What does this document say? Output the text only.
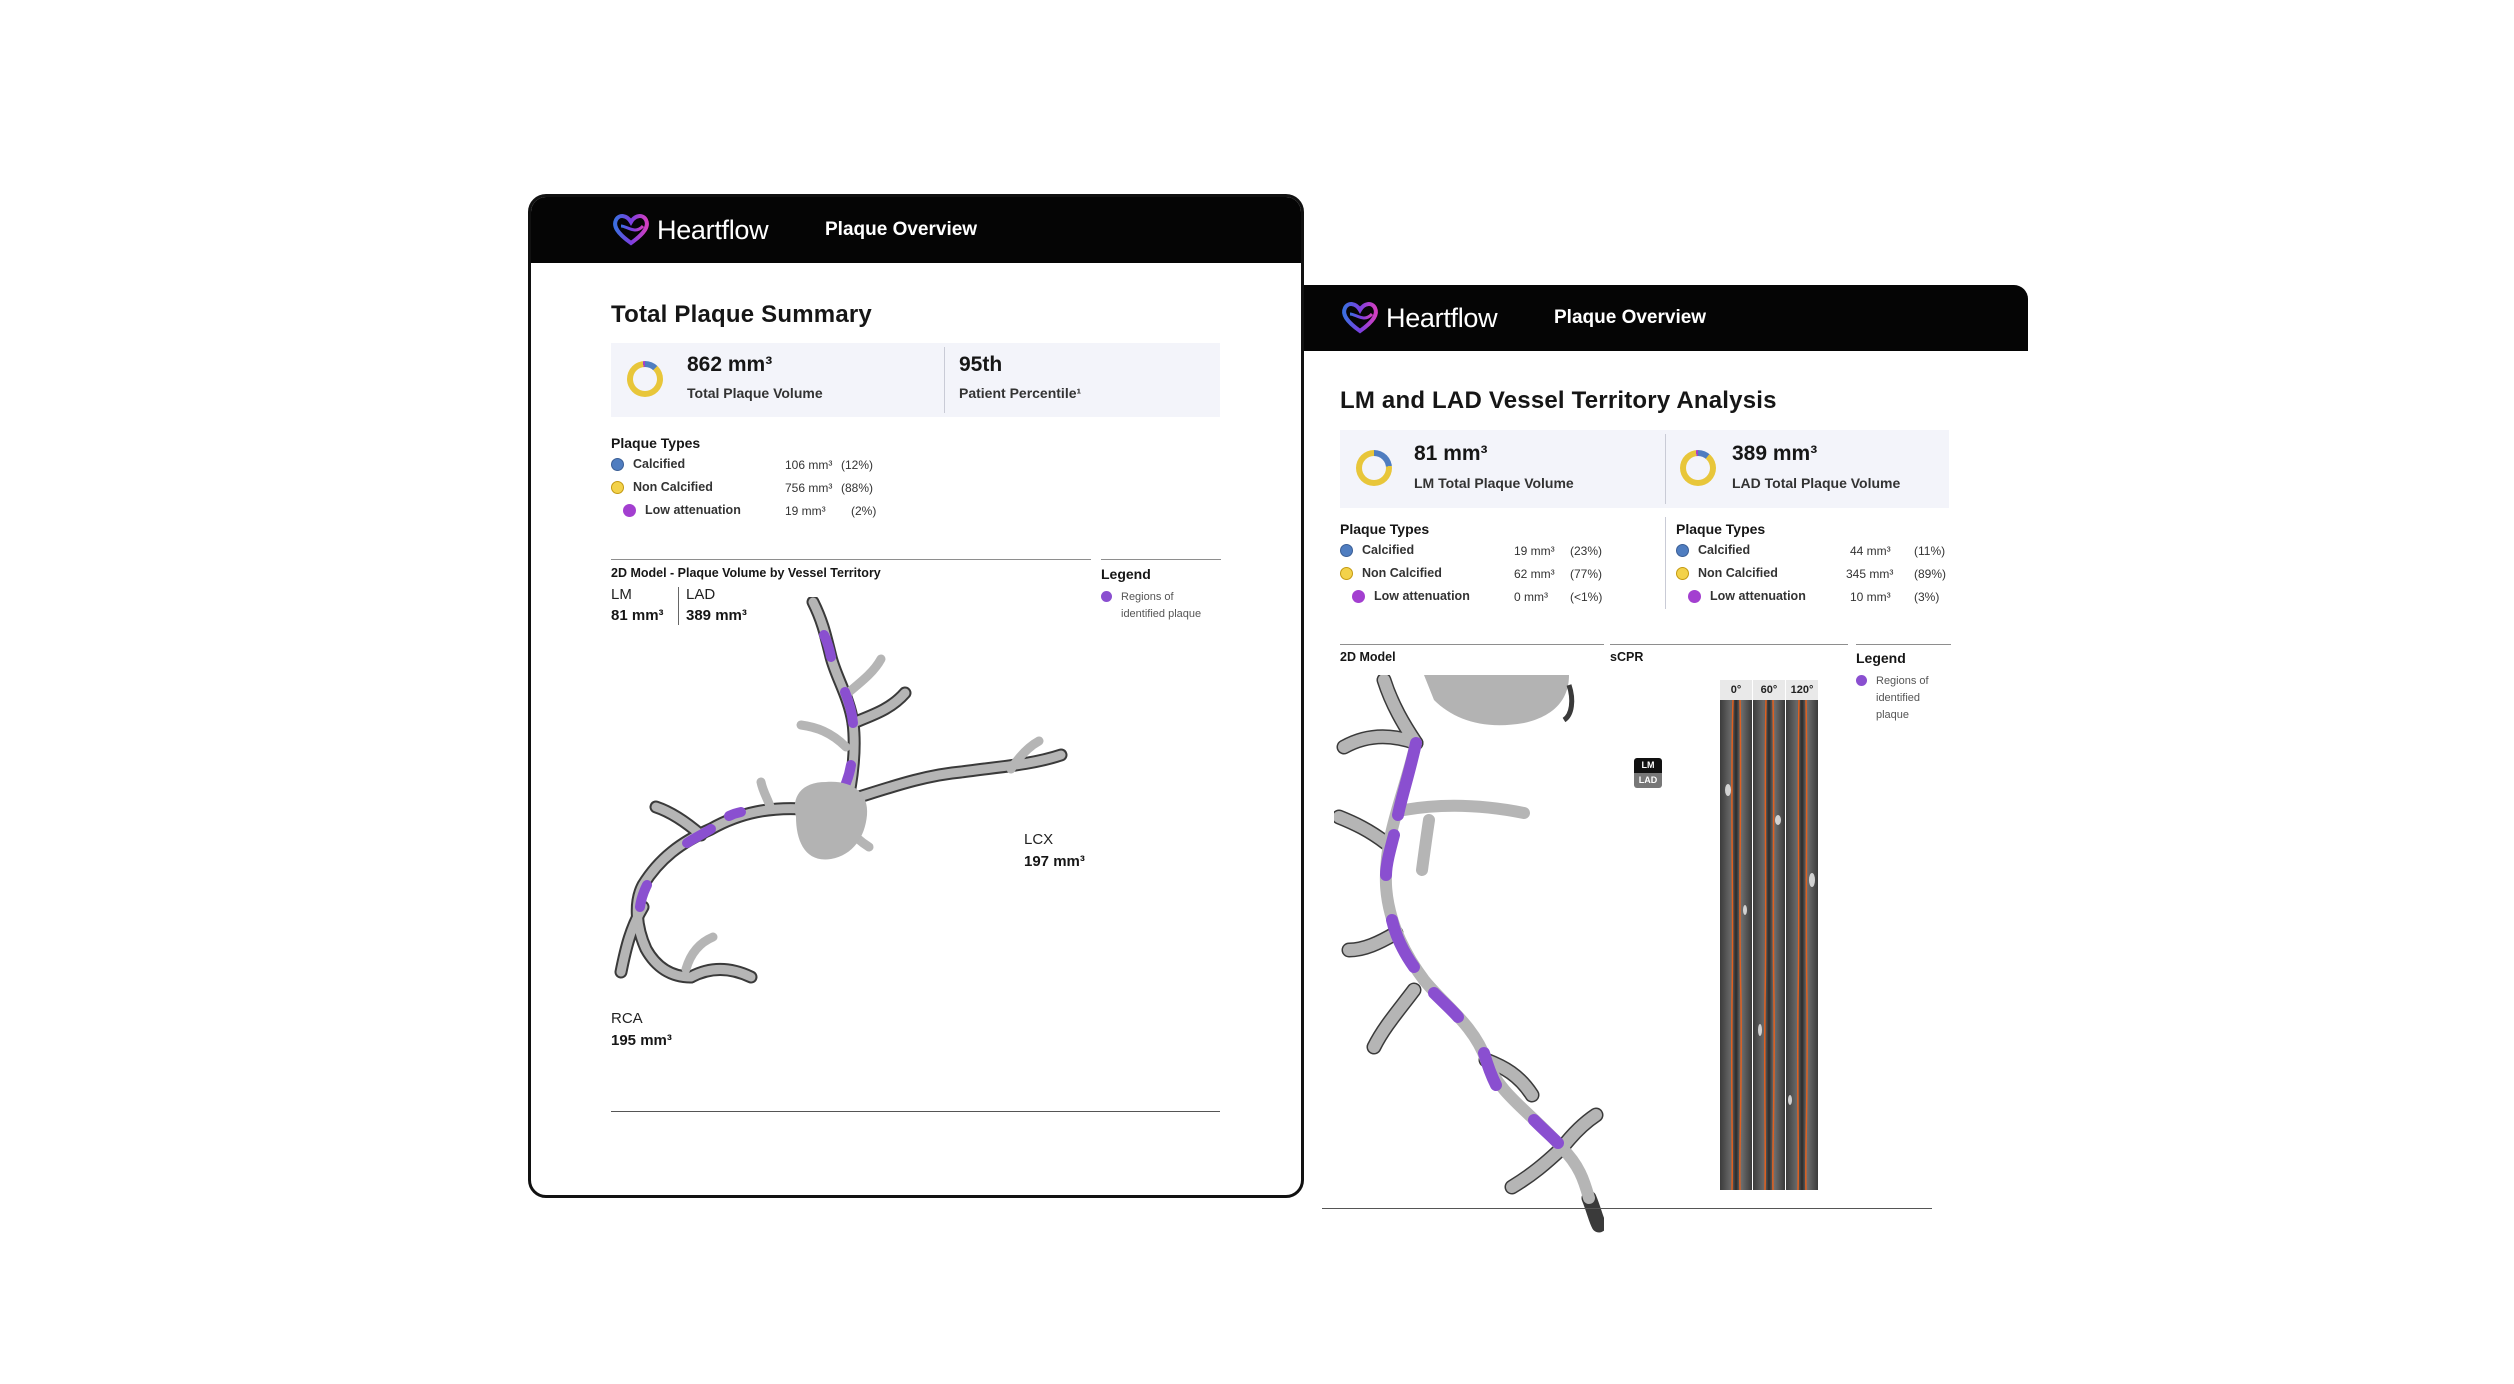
Heartflow	Plaque Overview
Total Plaque Summary
862 mm³
Total Plaque Volume
95th
Patient Percentile¹
Plaque Types
Calcified	106 mm³ (12%)
Non Calcified	756 mm³ (88%)
Low attenuation	19 mm³ (2%)
2D Model - Plaque Volume by Vessel Territory	Legend
Regions of
identified plaque
LM
81 mm³
LAD
389 mm³
LCX
197 mm³
RCA
195 mm³
Heartflow	Plaque Overview
LM and LAD Vessel Territory Analysis
81 mm³
LM Total Plaque Volume
389 mm³
LAD Total Plaque Volume
Plaque Types
Calcified	19 mm³ (23%)
Non Calcified	62 mm³ (77%)
Low attenuation	0 mm³ (<1%)
Plaque Types
Calcified	44 mm³ (11%)
Non Calcified	345 mm³ (89%)
Low attenuation	10 mm³ (3%)
2D Model	sCPR	Legend
Regions of
identified
plaque
LM
LAD
0°	60°	120°
